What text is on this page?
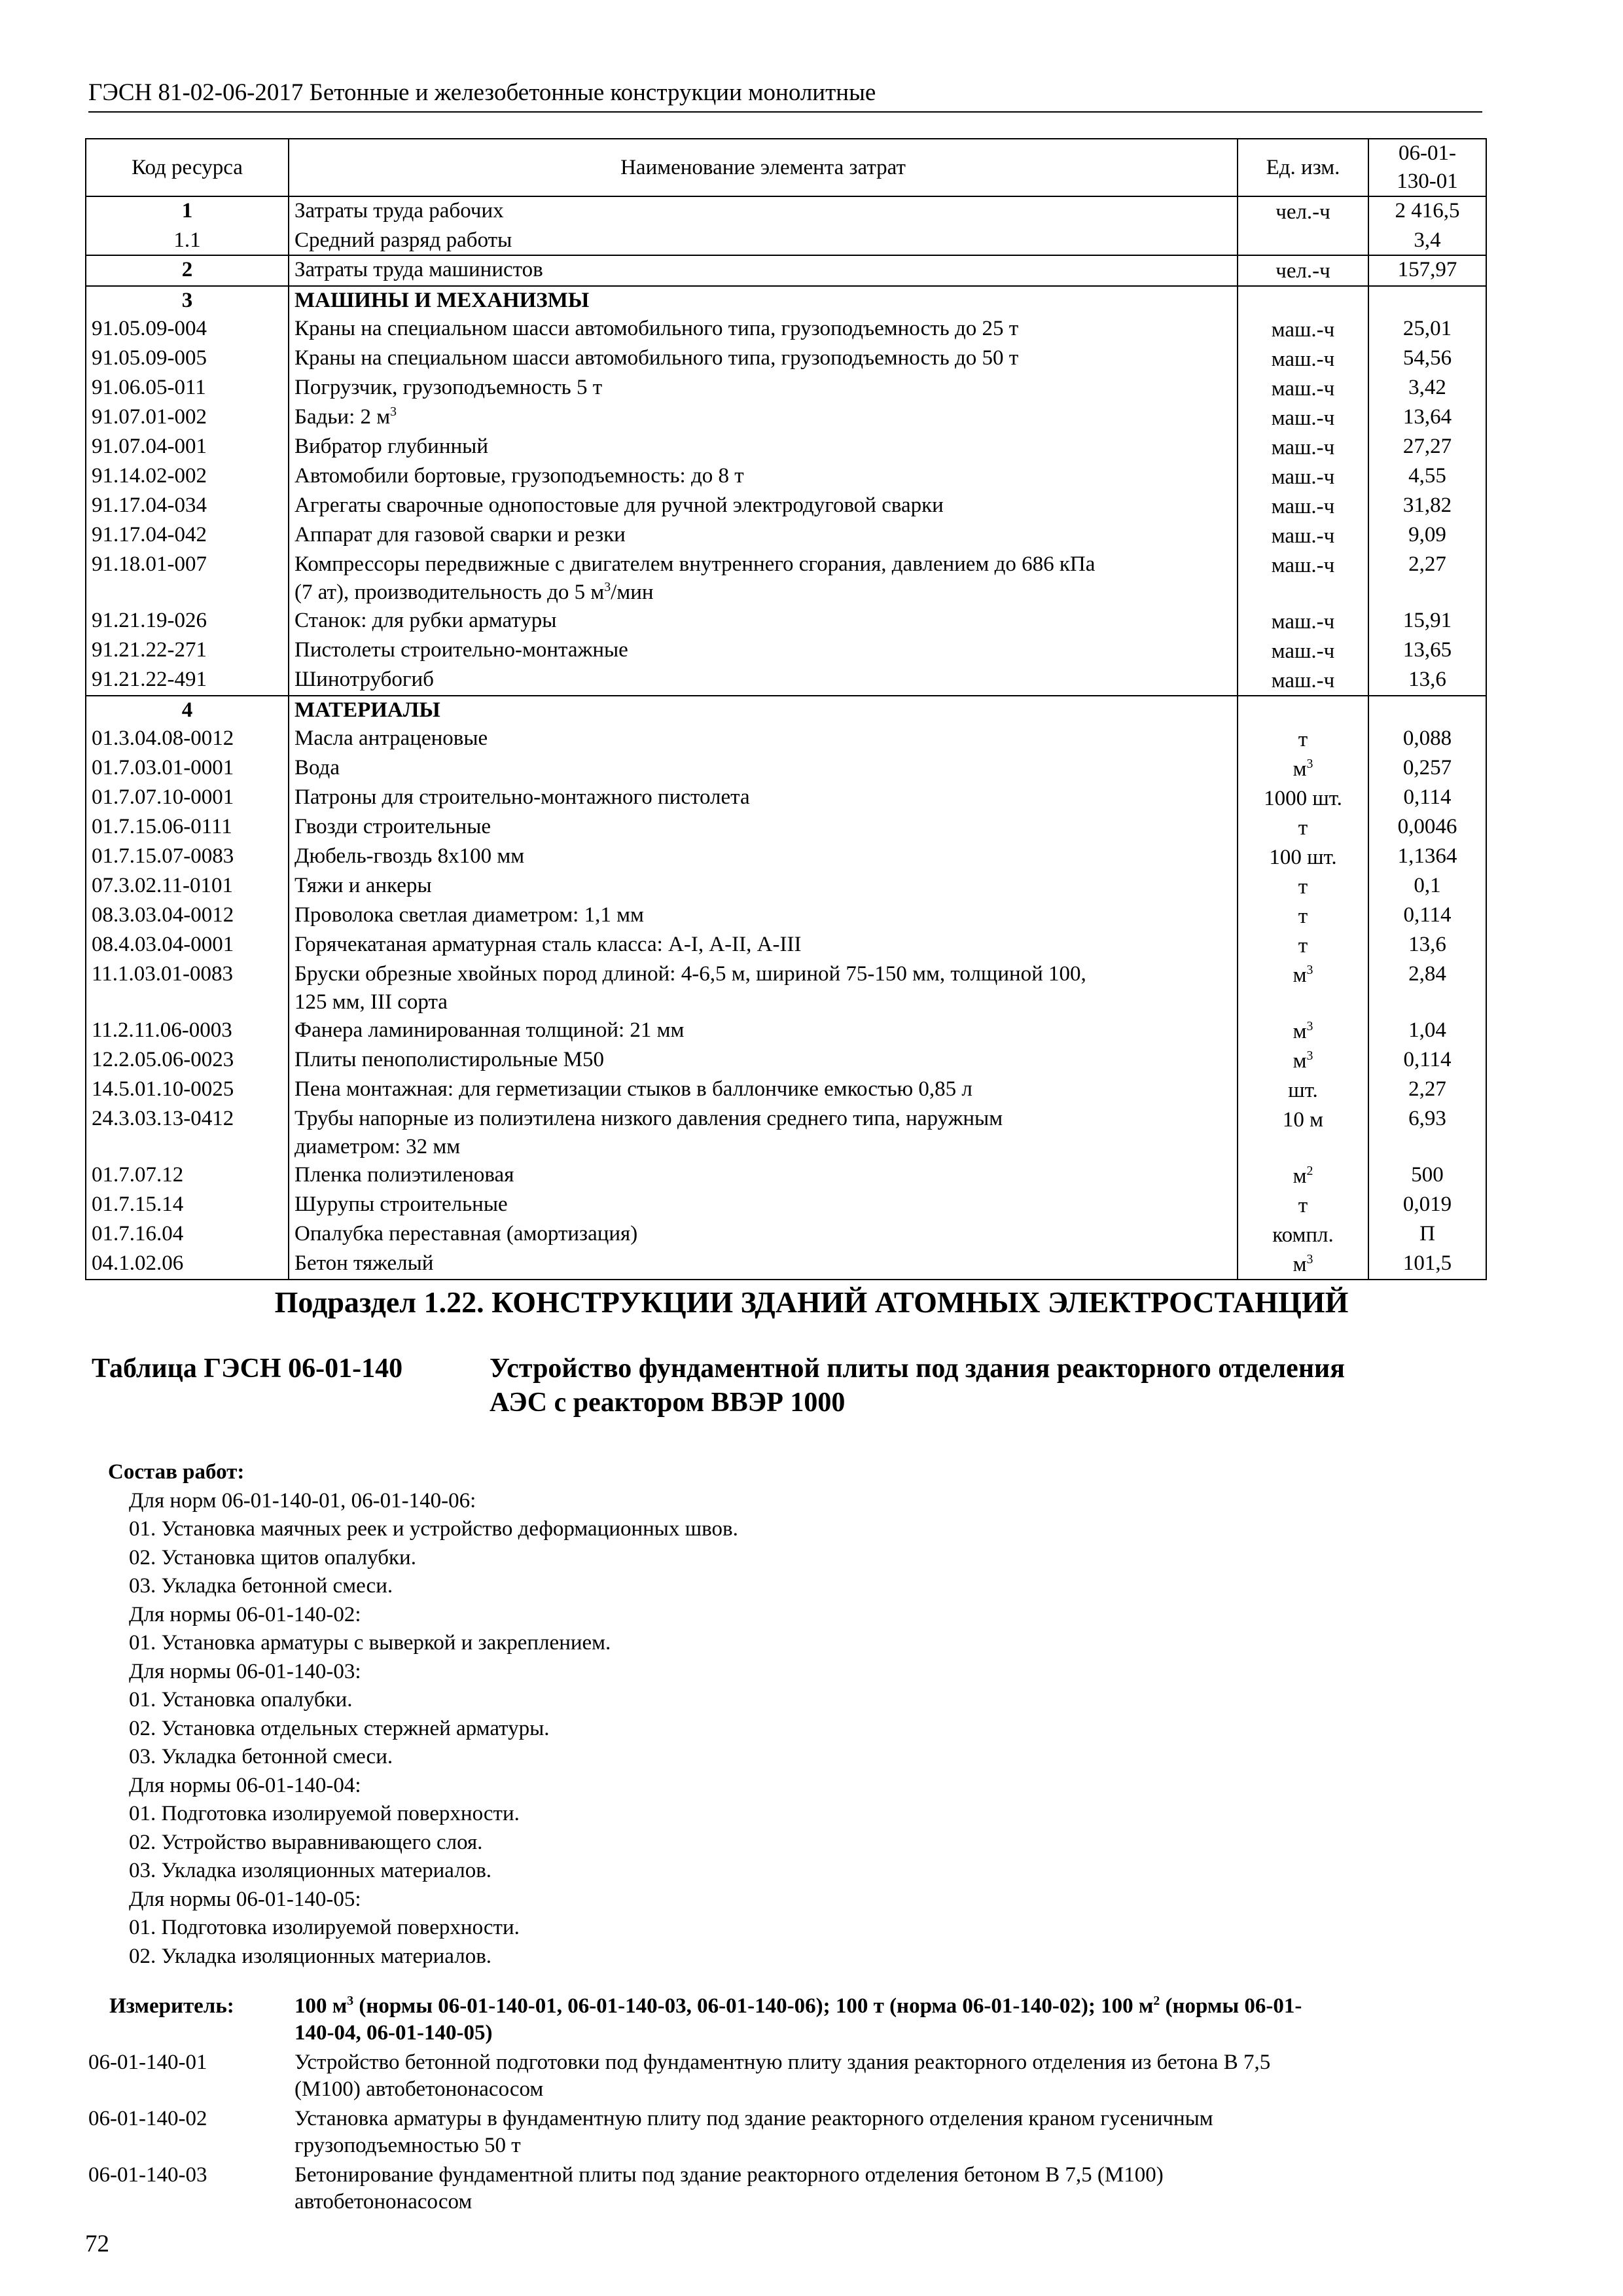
ГЭСН 81-02-06-2017 Бетонные и железобетонные конструкции монолитные
Код ресурса	Наименование элемента затрат	Ед. изм.	06-01-
130-01
1	Затраты труда рабочих	чел.-ч	2 416,5
1.1	Средний разряд работы		3,4
2	Затраты труда машинистов	чел.-ч	157,97
3	МАШИНЫ И МЕХАНИЗМЫ		
91.05.09-004	Краны на специальном шасси автомобильного типа, грузоподъемность до 25 т	маш.-ч	25,01
91.05.09-005	Краны на специальном шасси автомобильного типа, грузоподъемность до 50 т	маш.-ч	54,56
91.06.05-011	Погрузчик, грузоподъемность 5 т	маш.-ч	3,42
91.07.01-002	Бадьи: 2 $м^3$	маш.-ч	13,64
91.07.04-001	Вибратор глубинный	маш.-ч	27,27
91.14.02-002	Автомобили бортовые, грузоподъемность: до 8 т	маш.-ч	4,55
91.17.04-034	Агрегаты сварочные однопостовые для ручной электродуговой сварки	маш.-ч	31,82
91.17.04-042	Аппарат для газовой сварки и резки	маш.-ч	9,09
91.18.01-007	Компрессоры передвижные с двигателем внутреннего сгорания, давлением до 686 кПа
(7 ат), производительность до 5 $м^3$/мин	маш.-ч	2,27
91.21.19-026	Станок: для рубки арматуры	маш.-ч	15,91
91.21.22-271	Пистолеты строительно-монтажные	маш.-ч	13,65
91.21.22-491	Шинотрубогиб	маш.-ч	13,6
4	МАТЕРИАЛЫ		
01.3.04.08-0012	Масла антраценовые	т	0,088
01.7.03.01-0001	Вода	$м^3$	0,257
01.7.07.10-0001	Патроны для строительно-монтажного пистолета	1000 шт.	0,114
01.7.15.06-0111	Гвозди строительные	т	0,0046
01.7.15.07-0083	Дюбель-гвоздь 8х100 мм	100 шт.	1,1364
07.3.02.11-0101	Тяжи и анкеры	т	0,1
08.3.03.04-0012	Проволока светлая диаметром: 1,1 мм	т	0,114
08.4.03.04-0001	Горячекатаная арматурная сталь класса: А-I, А-II, А-III	т	13,6
11.1.03.01-0083	Бруски обрезные хвойных пород длиной: 4-6,5 м, шириной 75-150 мм, толщиной 100,
125 мм, III сорта	$м^3$	2,84
11.2.11.06-0003	Фанера ламинированная толщиной: 21 мм	$м^3$	1,04
12.2.05.06-0023	Плиты пенополистирольные М50	$м^3$	0,114
14.5.01.10-0025	Пена монтажная: для герметизации стыков в баллончике емкостью 0,85 л	шт.	2,27
24.3.03.13-0412	Трубы напорные из полиэтилена низкого давления среднего типа, наружным
диаметром: 32 мм	10 м	6,93
01.7.07.12	Пленка полиэтиленовая	$м^2$	500
01.7.15.14	Шурупы строительные	т	0,019
01.7.16.04	Опалубка переставная (амортизация)	компл.	П
04.1.02.06	Бетон тяжелый	$м^3$	101,5
Подраздел 1.22. КОНСТРУКЦИИ ЗДАНИЙ АТОМНЫХ ЭЛЕКТРОСТАНЦИЙ
Таблица ГЭСН 06-01-140	Устройство фундаментной плиты под здания реакторного отделения
АЭС с реактором ВВЭР 1000
Состав работ:
Для норм 06-01-140-01, 06-01-140-06:
01. Установка маячных реек и устройство деформационных швов.
02. Установка щитов опалубки.
03. Укладка бетонной смеси.
Для нормы 06-01-140-02:
01. Установка арматуры с выверкой и закреплением.
Для нормы 06-01-140-03:
01. Установка опалубки.
02. Установка отдельных стержней арматуры.
03. Укладка бетонной смеси.
Для нормы 06-01-140-04:
01. Подготовка изолируемой поверхности.
02. Устройство выравнивающего слоя.
03. Укладка изоляционных материалов.
Для нормы 06-01-140-05:
01. Подготовка изолируемой поверхности.
02. Укладка изоляционных материалов.
Измеритель:	100 $м^3$ (нормы 06-01-140-01, 06-01-140-03, 06-01-140-06); 100 т (норма 06-01-140-02); 100 $м^2$ (нормы 06-01-
140-04, 06-01-140-05)
06-01-140-01	Устройство бетонной подготовки под фундаментную плиту здания реакторного отделения из бетона В 7,5
(М100) автобетононасосом
06-01-140-02	Установка арматуры в фундаментную плиту под здание реакторного отделения краном гусеничным
грузоподъемностью 50 т
06-01-140-03	Бетонирование фундаментной плиты под здание реакторного отделения бетоном В 7,5 (М100)
автобетононасосом
72
